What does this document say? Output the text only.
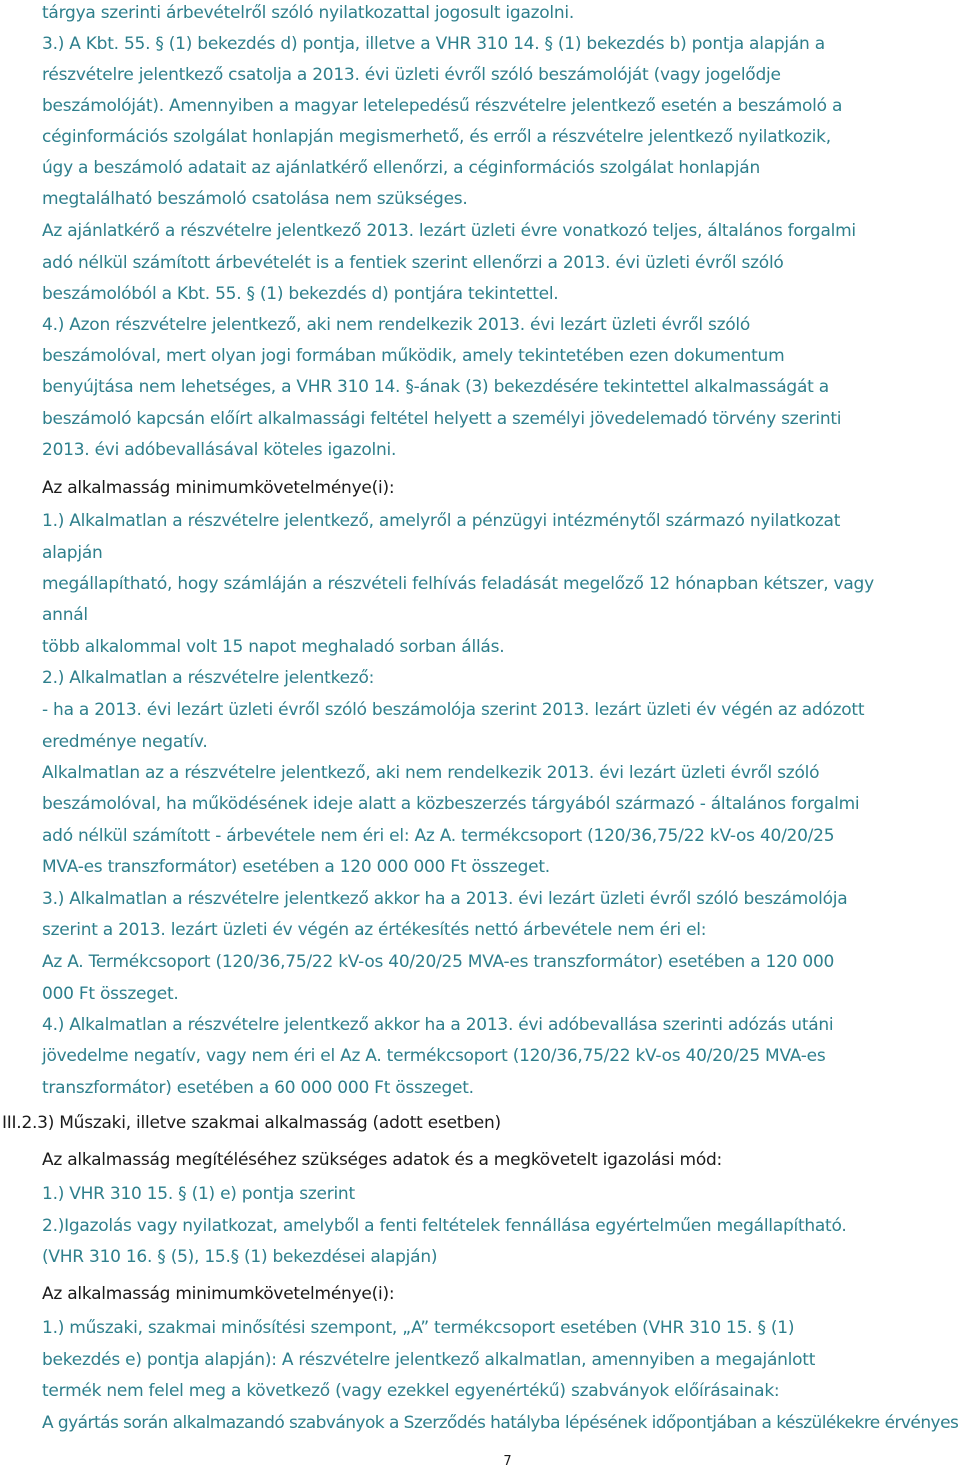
tárgya szerinti árbevételről szóló nyilatkozattal jogosult igazolni.

3.) A Kbt. 55. § (1) bekezdés d) pontja, illetve a VHR 310 14. § (1) bekezdés b) pontja alapján a

részvételre jelentkező csatolja a 2013. évi üzleti évről szóló beszámolóját (vagy jogelődje

beszámolóját). Amennyiben a magyar letelepedésű részvételre jelentkező esetén a beszámoló a

céginformációs szolgálat honlapján megismerhető, és erről a részvételre jelentkező nyilatkozik,

úgy a beszámoló adatait az ajánlatkérő ellenőrzi, a céginformációs szolgálat honlapján

megtalálható beszámoló csatolása nem szükséges.

Az ajánlatkérő a részvételre jelentkező 2013. lezárt üzleti évre vonatkozó teljes, általános forgalmi

adó nélkül számított árbevételét is a fentiek szerint ellenőrzi a 2013. évi üzleti évről szóló

beszámolóból a Kbt. 55. § (1) bekezdés d) pontjára tekintettel.

4.) Azon részvételre jelentkező, aki nem rendelkezik 2013. évi lezárt üzleti évről szóló

beszámolóval, mert olyan jogi formában működik, amely tekintetében ezen dokumentum

benyújtása nem lehetséges, a VHR 310 14. §-ának (3) bekezdésére tekintettel alkalmasságát a

beszámoló kapcsán előírt alkalmassági feltétel helyett a személyi jövedelemadó törvény szerinti

2013. évi adóbevallásával köteles igazolni.

Az alkalmasság minimumkövetelménye(i):

1.) Alkalmatlan a részvételre jelentkező, amelyről a pénzügyi intézménytől származó nyilatkozat

alapján

megállapítható, hogy számláján a részvételi felhívás feladását megelőző 12 hónapban kétszer, vagy

annál

több alkalommal volt 15 napot meghaladó sorban állás.

2.) Alkalmatlan a részvételre jelentkező:

- ha a 2013. évi lezárt üzleti évről szóló beszámolója szerint 2013. lezárt üzleti év végén az adózott

eredménye negatív.

Alkalmatlan az a részvételre jelentkező, aki nem rendelkezik 2013. évi lezárt üzleti évről szóló

beszámolóval, ha működésének ideje alatt a közbeszerzés tárgyából származó - általános forgalmi

adó nélkül számított - árbevétele nem éri el: Az A. termékcsoport (120/36,75/22 kV-os 40/20/25

MVA-es transzformátor) esetében a 120 000 000 Ft összeget.

3.) Alkalmatlan a részvételre jelentkező akkor ha a 2013. évi lezárt üzleti évről szóló beszámolója

szerint a 2013. lezárt üzleti év végén az értékesítés nettó árbevétele nem éri el:

Az A. Termékcsoport (120/36,75/22 kV-os 40/20/25 MVA-es transzformátor) esetében a 120 000

000 Ft összeget.

4.) Alkalmatlan a részvételre jelentkező akkor ha a 2013. évi adóbevallása szerinti adózás utáni

jövedelme negatív, vagy nem éri el Az A. termékcsoport (120/36,75/22 kV-os 40/20/25 MVA-es

transzformátor) esetében a 60 000 000 Ft összeget.

III.2.3) Műszaki, illetve szakmai alkalmasság (adott esetben)

Az alkalmasság megítéléséhez szükséges adatok és a megkövetelt igazolási mód:

1.) VHR 310 15. § (1) e) pontja szerint

2.)Igazolás vagy nyilatkozat, amelyből a fenti feltételek fennállása egyértelműen megállapítható.

(VHR 310 16. § (5), 15.§ (1) bekezdései alapján)

Az alkalmasság minimumkövetelménye(i):

1.) műszaki, szakmai minősítési szempont, „A” termékcsoport esetében (VHR 310 15. § (1)

bekezdés e) pontja alapján): A részvételre jelentkező alkalmatlan, amennyiben a megajánlott

termék nem felel meg a következő (vagy ezekkel egyenértékű) szabványok előírásainak:

A gyártás során alkalmazandó szabványok a Szerződés hatályba lépésének időpontjában a készülékekre érvényes

7
